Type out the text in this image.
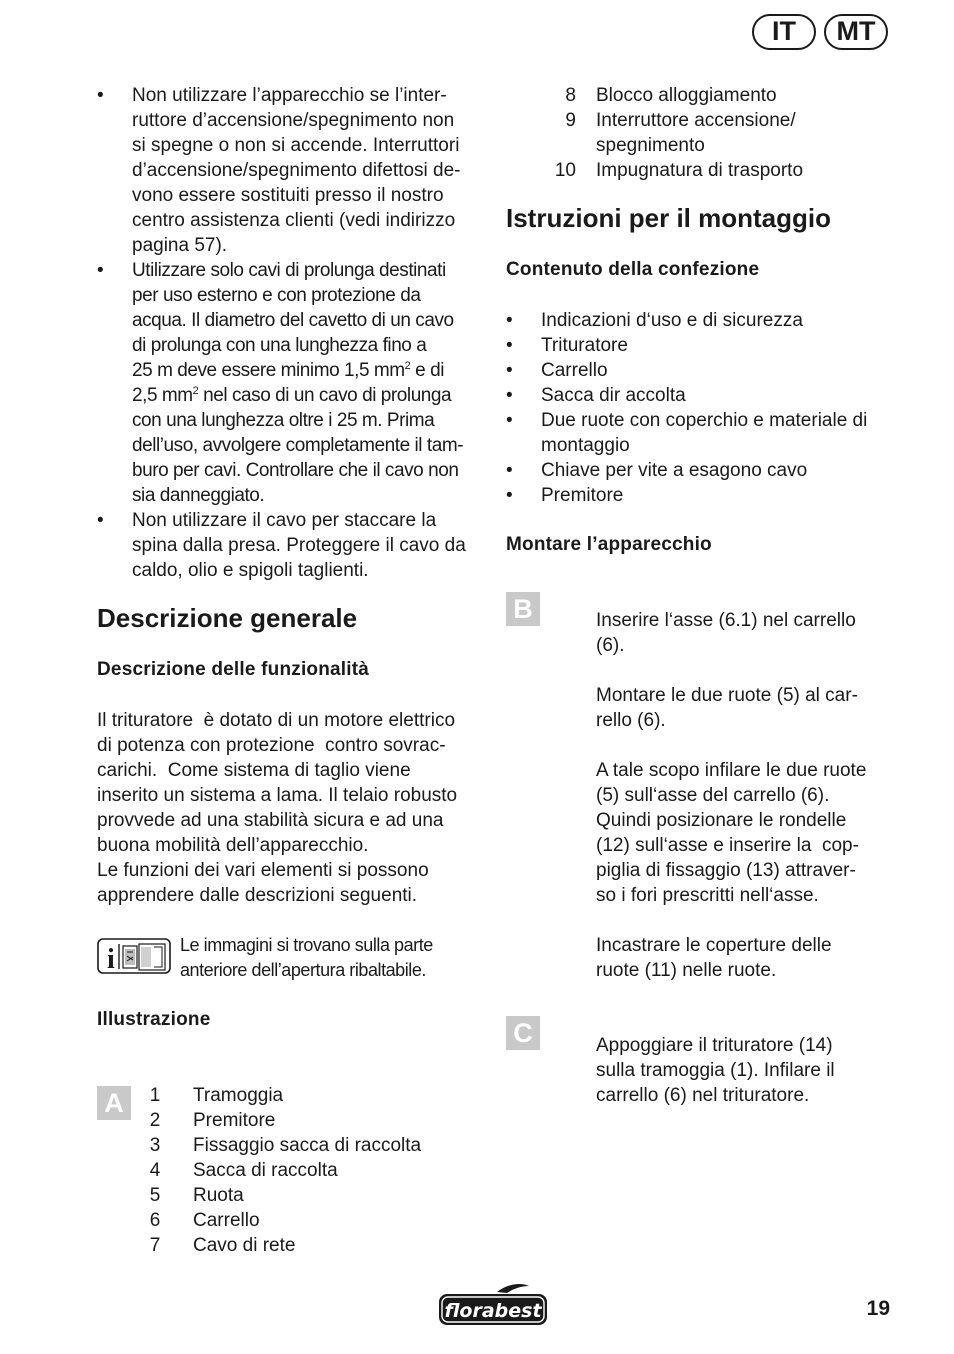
IT	MT
• Non utilizzare l’apparecchio se l’inter-
ruttore d’accensione/spegnimento non
si spegne o non si accende. Interruttori
d’accensione/spegnimento difettosi de-
vono essere sostituiti presso il nostro
centro assistenza clienti (vedi indirizzo
pagina 57).
• Utilizzare solo cavi di prolunga destinati
per uso esterno e con protezione da
acqua. Il diametro del cavetto di un cavo
di prolunga con una lunghezza fino a
25 m deve essere minimo 1,5 $mm^2$ e di
2,5 $mm^2$ nel caso di un cavo di prolunga
con una lunghezza oltre i 25 m. Prima
dell’uso, avvolgere completamente il tam-
buro per cavi. Controllare che il cavo non
sia danneggiato.
• Non utilizzare il cavo per staccare la
spina dalla presa. Proteggere il cavo da
caldo, olio e spigoli taglienti.
Descrizione generale
Descrizione delle funzionalità

Il trituratore  è dotato di un motore elettrico
di potenza con protezione  contro sovrac-
carichi.  Come sistema di taglio viene
inserito un sistema a lama. Il telaio robusto
provvede ad una stabilità sicura e ad una
buona mobilità dell’apparecchio.
Le funzioni dei vari elementi si possono apprendere dalle descrizioni seguenti.

i	Le immagini si trovano sulla parte
anteriore dell’apertura ribaltabile.

Illustrazione
A	1 Tramoggia
2 Premitore
3 Fissaggio sacca di raccolta
4 Sacca di raccolta
5 Ruota
6 Carrello
7 Cavo di rete
8 Blocco alloggiamento
9 Interruttore accensione/ spegnimento
10 Impugnatura di trasporto
Istruzioni per il montaggio
Contenuto della confezione
• Indicazioni d‘uso e di sicurezza
• Trituratore
• Carrello
• Sacca dir accolta
• Due ruote con coperchio e materiale di montaggio
• Chiave per vite a esagono cavo
• Premitore
Montare l’apparecchio
B	Inserire l‘asse (6.1) nel carrello
(6).

Montare le due ruote (5) al car-
rello (6).

A tale scopo infilare le due ruote
(5) sull‘asse del carrello (6).
Quindi posizionare le rondelle
(12) sull‘asse e inserire la  cop-
piglia di fissaggio (13) attraver-
so i fori prescritti nell‘asse.

Incastrare le coperture delle
ruote (11) nelle ruote.

C	Appoggiare il trituratore (14)
sulla tramoggia (1). Infilare il
carrello (6) nel trituratore.

florabest	19
